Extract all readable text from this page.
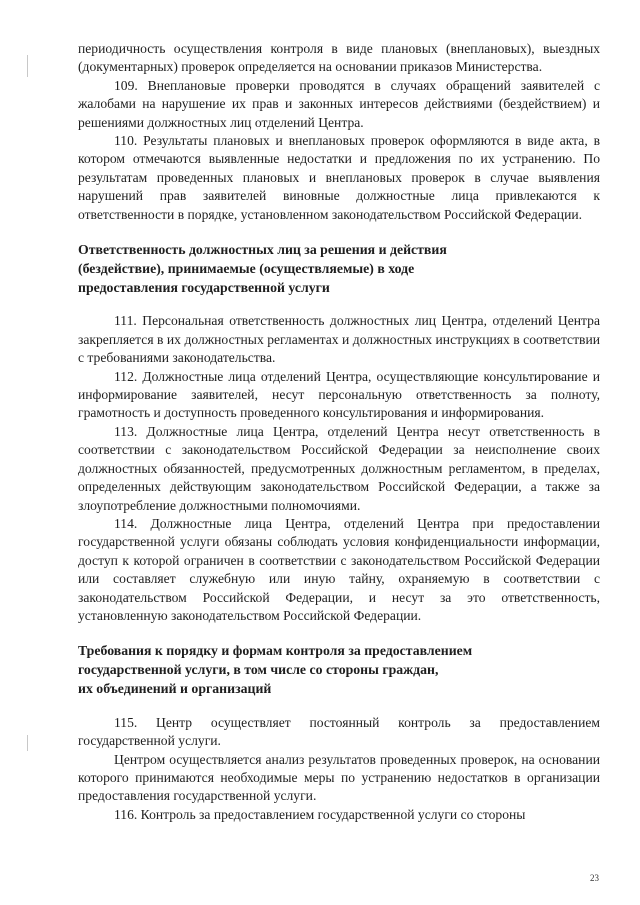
периодичность осуществления контроля в виде плановых (внеплановых), выездных (документарных) проверок определяется на основании приказов Министерства.

109. Внеплановые проверки проводятся в случаях обращений заявителей с жалобами на нарушение их прав и законных интересов действиями (бездействием) и решениями должностных лиц отделений Центра.

110. Результаты плановых и внеплановых проверок оформляются в виде акта, в котором отмечаются выявленные недостатки и предложения по их устранению. По результатам проведенных плановых и внеплановых проверок в случае выявления нарушений прав заявителей виновные должностные лица привлекаются к ответственности в порядке, установленном законодательством Российской Федерации.

Ответственность должностных лиц за решения и действия

(бездействие), принимаемые (осуществляемые) в ходе

предоставления государственной услуги

111. Персональная ответственность должностных лиц Центра, отделений Центра закрепляется в их должностных регламентах и должностных инструкциях в соответствии с требованиями законодательства.

112. Должностные лица отделений Центра, осуществляющие консультирование и информирование заявителей, несут персональную ответственность за полноту, грамотность и доступность проведенного консультирования и информирования.

113. Должностные лица Центра, отделений Центра несут ответственность в соответствии с законодательством Российской Федерации за неисполнение своих должностных обязанностей, предусмотренных должностным регламентом, в пределах, определенных действующим законодательством Российской Федерации, а также за злоупотребление должностными полномочиями.

114. Должностные лица Центра, отделений Центра при предоставлении государственной услуги обязаны соблюдать условия конфиденциальности информации, доступ к которой ограничен в соответствии с законодательством Российской Федерации или составляет служебную или иную тайну, охраняемую в соответствии с законодательством Российской Федерации, и несут за это ответственность, установленную законодательством Российской Федерации.

Требования к порядку и формам контроля за предоставлением

государственной услуги, в том числе со стороны граждан,

их объединений и организаций

115. Центр осуществляет постоянный контроль за предоставлением государственной услуги.

Центром осуществляется анализ результатов проведенных проверок, на основании которого принимаются необходимые меры по устранению недостатков в организации предоставления государственной услуги.

116. Контроль за предоставлением государственной услуги со стороны

23
